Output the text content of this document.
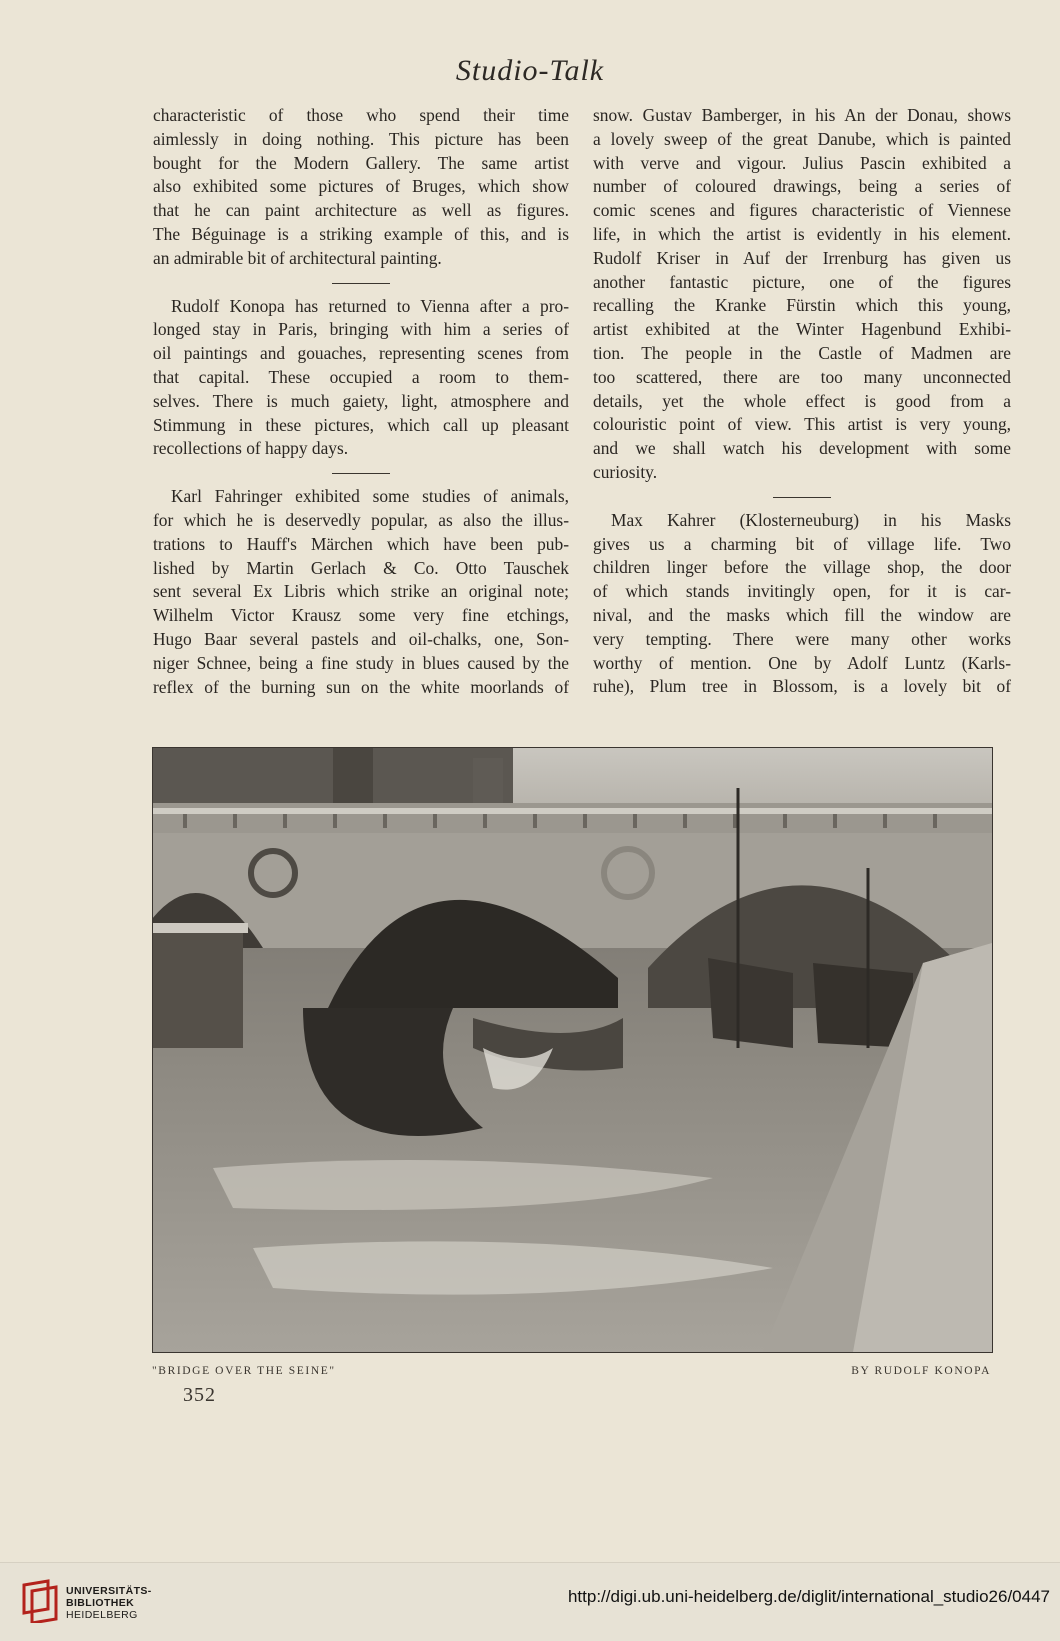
Studio-Talk
characteristic of those who spend their time
aimlessly in doing nothing. This picture has been
bought for the Modern Gallery. The same artist
also exhibited some pictures of Bruges, which show
that he can paint architecture as well as figures.
The Béguinage is a striking example of this, and is
an admirable bit of architectural painting.
Rudolf Konopa has returned to Vienna after a pro-
longed stay in Paris, bringing with him a series of
oil paintings and gouaches, representing scenes from
that capital. These occupied a room to them-
selves. There is much gaiety, light, atmosphere and
Stimmung in these pictures, which call up pleasant
recollections of happy days.
Karl Fahringer exhibited some studies of animals,
for which he is deservedly popular, as also the illus-
trations to Hauff's Märchen which have been pub-
lished by Martin Gerlach & Co. Otto Tauschek
sent several Ex Libris which strike an original note;
Wilhelm Victor Krausz some very fine etchings,
Hugo Baar several pastels and oil-chalks, one, Son-
niger Schnee, being a fine study in blues caused by the
reflex of the burning sun on the white moorlands of
snow. Gustav Bamberger, in his An der Donau, shows
a lovely sweep of the great Danube, which is painted
with verve and vigour. Julius Pascin exhibited a
number of coloured drawings, being a series of
comic scenes and figures characteristic of Viennese
life, in which the artist is evidently in his element.
Rudolf Kriser in Auf der Irrenburg has given us
another fantastic picture, one of the figures
recalling the Kranke Fürstin which this young,
artist exhibited at the Winter Hagenbund Exhibi-
tion. The people in the Castle of Madmen are
too scattered, there are too many unconnected
details, yet the whole effect is good from a
colouristic point of view. This artist is very young,
and we shall watch his development with some
curiosity.
Max Kahrer (Klosterneuburg) in his Masks
gives us a charming bit of village life. Two
children linger before the village shop, the door
of which stands invitingly open, for it is car-
nival, and the masks which fill the window are
very tempting. There were many other works
worthy of mention. One by Adolf Luntz (Karls-
ruhe), Plum tree in Blossom, is a lovely bit of
"BRIDGE OVER THE SEINE"	BY RUDOLF KONOPA
352
UNIVERSITÄTS-
BIBLIOTHEK
HEIDELBERG
http://digi.ub.uni-heidelberg.de/diglit/international_studio26/0447
